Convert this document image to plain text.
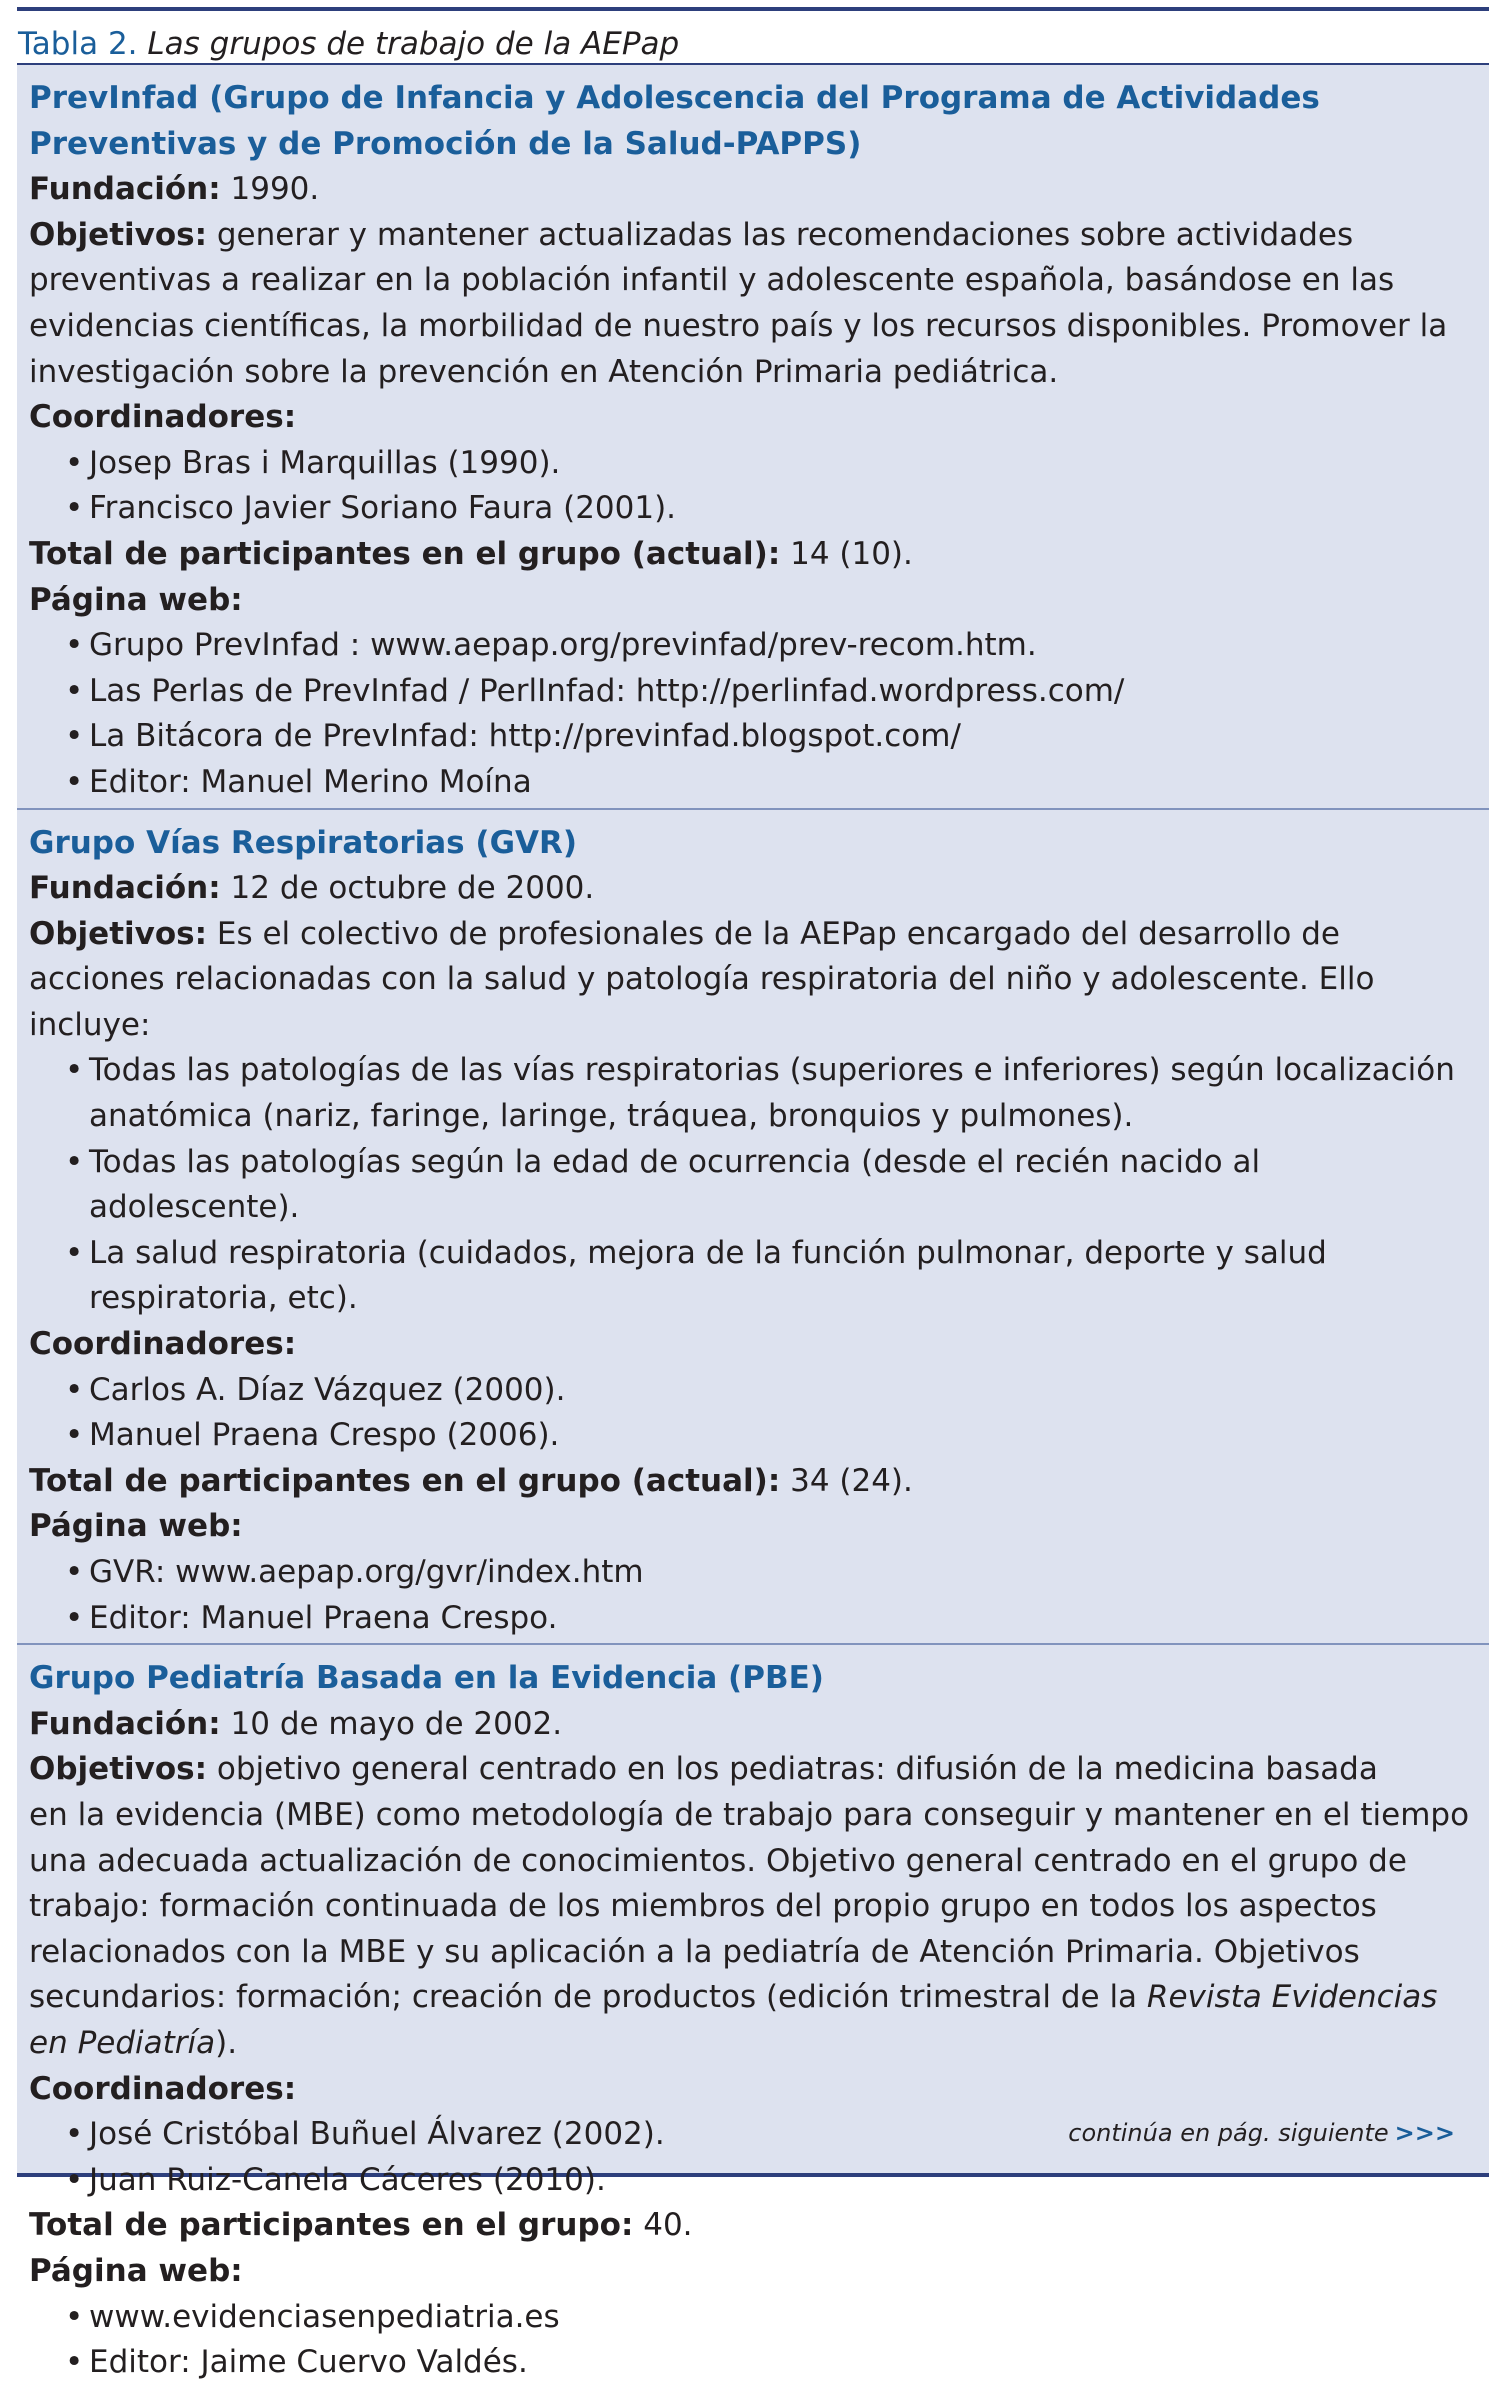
Tabla 2. Las grupos de trabajo de la AEPap
PrevInfad (Grupo de Infancia y Adolescencia del Programa de Actividades Preventivas y de Promoción de la Salud-PAPPS)

Fundación: 1990.

Objetivos: generar y mantener actualizadas las recomendaciones sobre actividades preventivas a realizar en la población infantil y adolescente española, basándose en las evidencias científicas, la morbilidad de nuestro país y los recursos disponibles. Promover la investigación sobre la prevención en Atención Primaria pediátrica.

Coordinadores:

• Josep Bras i Marquillas (1990).
• Francisco Javier Soriano Faura (2001).

Total de participantes en el grupo (actual): 14 (10).

Página web:

• Grupo PrevInfad : www.aepap.org/previnfad/prev-recom.htm.
• Las Perlas de PrevInfad / PerlInfad: http://perlinfad.wordpress.com/
• La Bitácora de PrevInfad: http://previnfad.blogspot.com/
• Editor: Manuel Merino Moína
Grupo Vías Respiratorias (GVR)

Fundación: 12 de octubre de 2000.

Objetivos: Es el colectivo de profesionales de la AEPap encargado del desarrollo de acciones relacionadas con la salud y patología respiratoria del niño y adolescente. Ello incluye:

• Todas las patologías de las vías respiratorias (superiores e inferiores) según localización anatómica (nariz, faringe, laringe, tráquea, bronquios y pulmones).
• Todas las patologías según la edad de ocurrencia (desde el recién nacido al adolescente).
• La salud respiratoria (cuidados, mejora de la función pulmonar, deporte y salud respiratoria, etc).

Coordinadores:

• Carlos A. Díaz Vázquez (2000).
• Manuel Praena Crespo (2006).

Total de participantes en el grupo (actual): 34 (24).

Página web:

• GVR: www.aepap.org/gvr/index.htm
• Editor: Manuel Praena Crespo.
Grupo Pediatría Basada en la Evidencia (PBE)

Fundación: 10 de mayo de 2002.

Objetivos: objetivo general centrado en los pediatras: difusión de la medicina basada

en la evidencia (MBE) como metodología de trabajo para conseguir y mantener en el tiempo una adecuada actualización de conocimientos. Objetivo general centrado en el grupo de trabajo: formación continuada de los miembros del propio grupo en todos los aspectos relacionados con la MBE y su aplicación a la pediatría de Atención Primaria. Objetivos secundarios: formación; creación de productos (edición trimestral de la Revista Evidencias en Pediatría).

Coordinadores:

• José Cristóbal Buñuel Álvarez (2002).
• Juan Ruiz-Canela Cáceres (2010).

Total de participantes en el grupo: 40.

Página web:

• www.evidenciasenpediatria.es
• Editor: Jaime Cuervo Valdés.
continúa en pág. siguiente >>>
